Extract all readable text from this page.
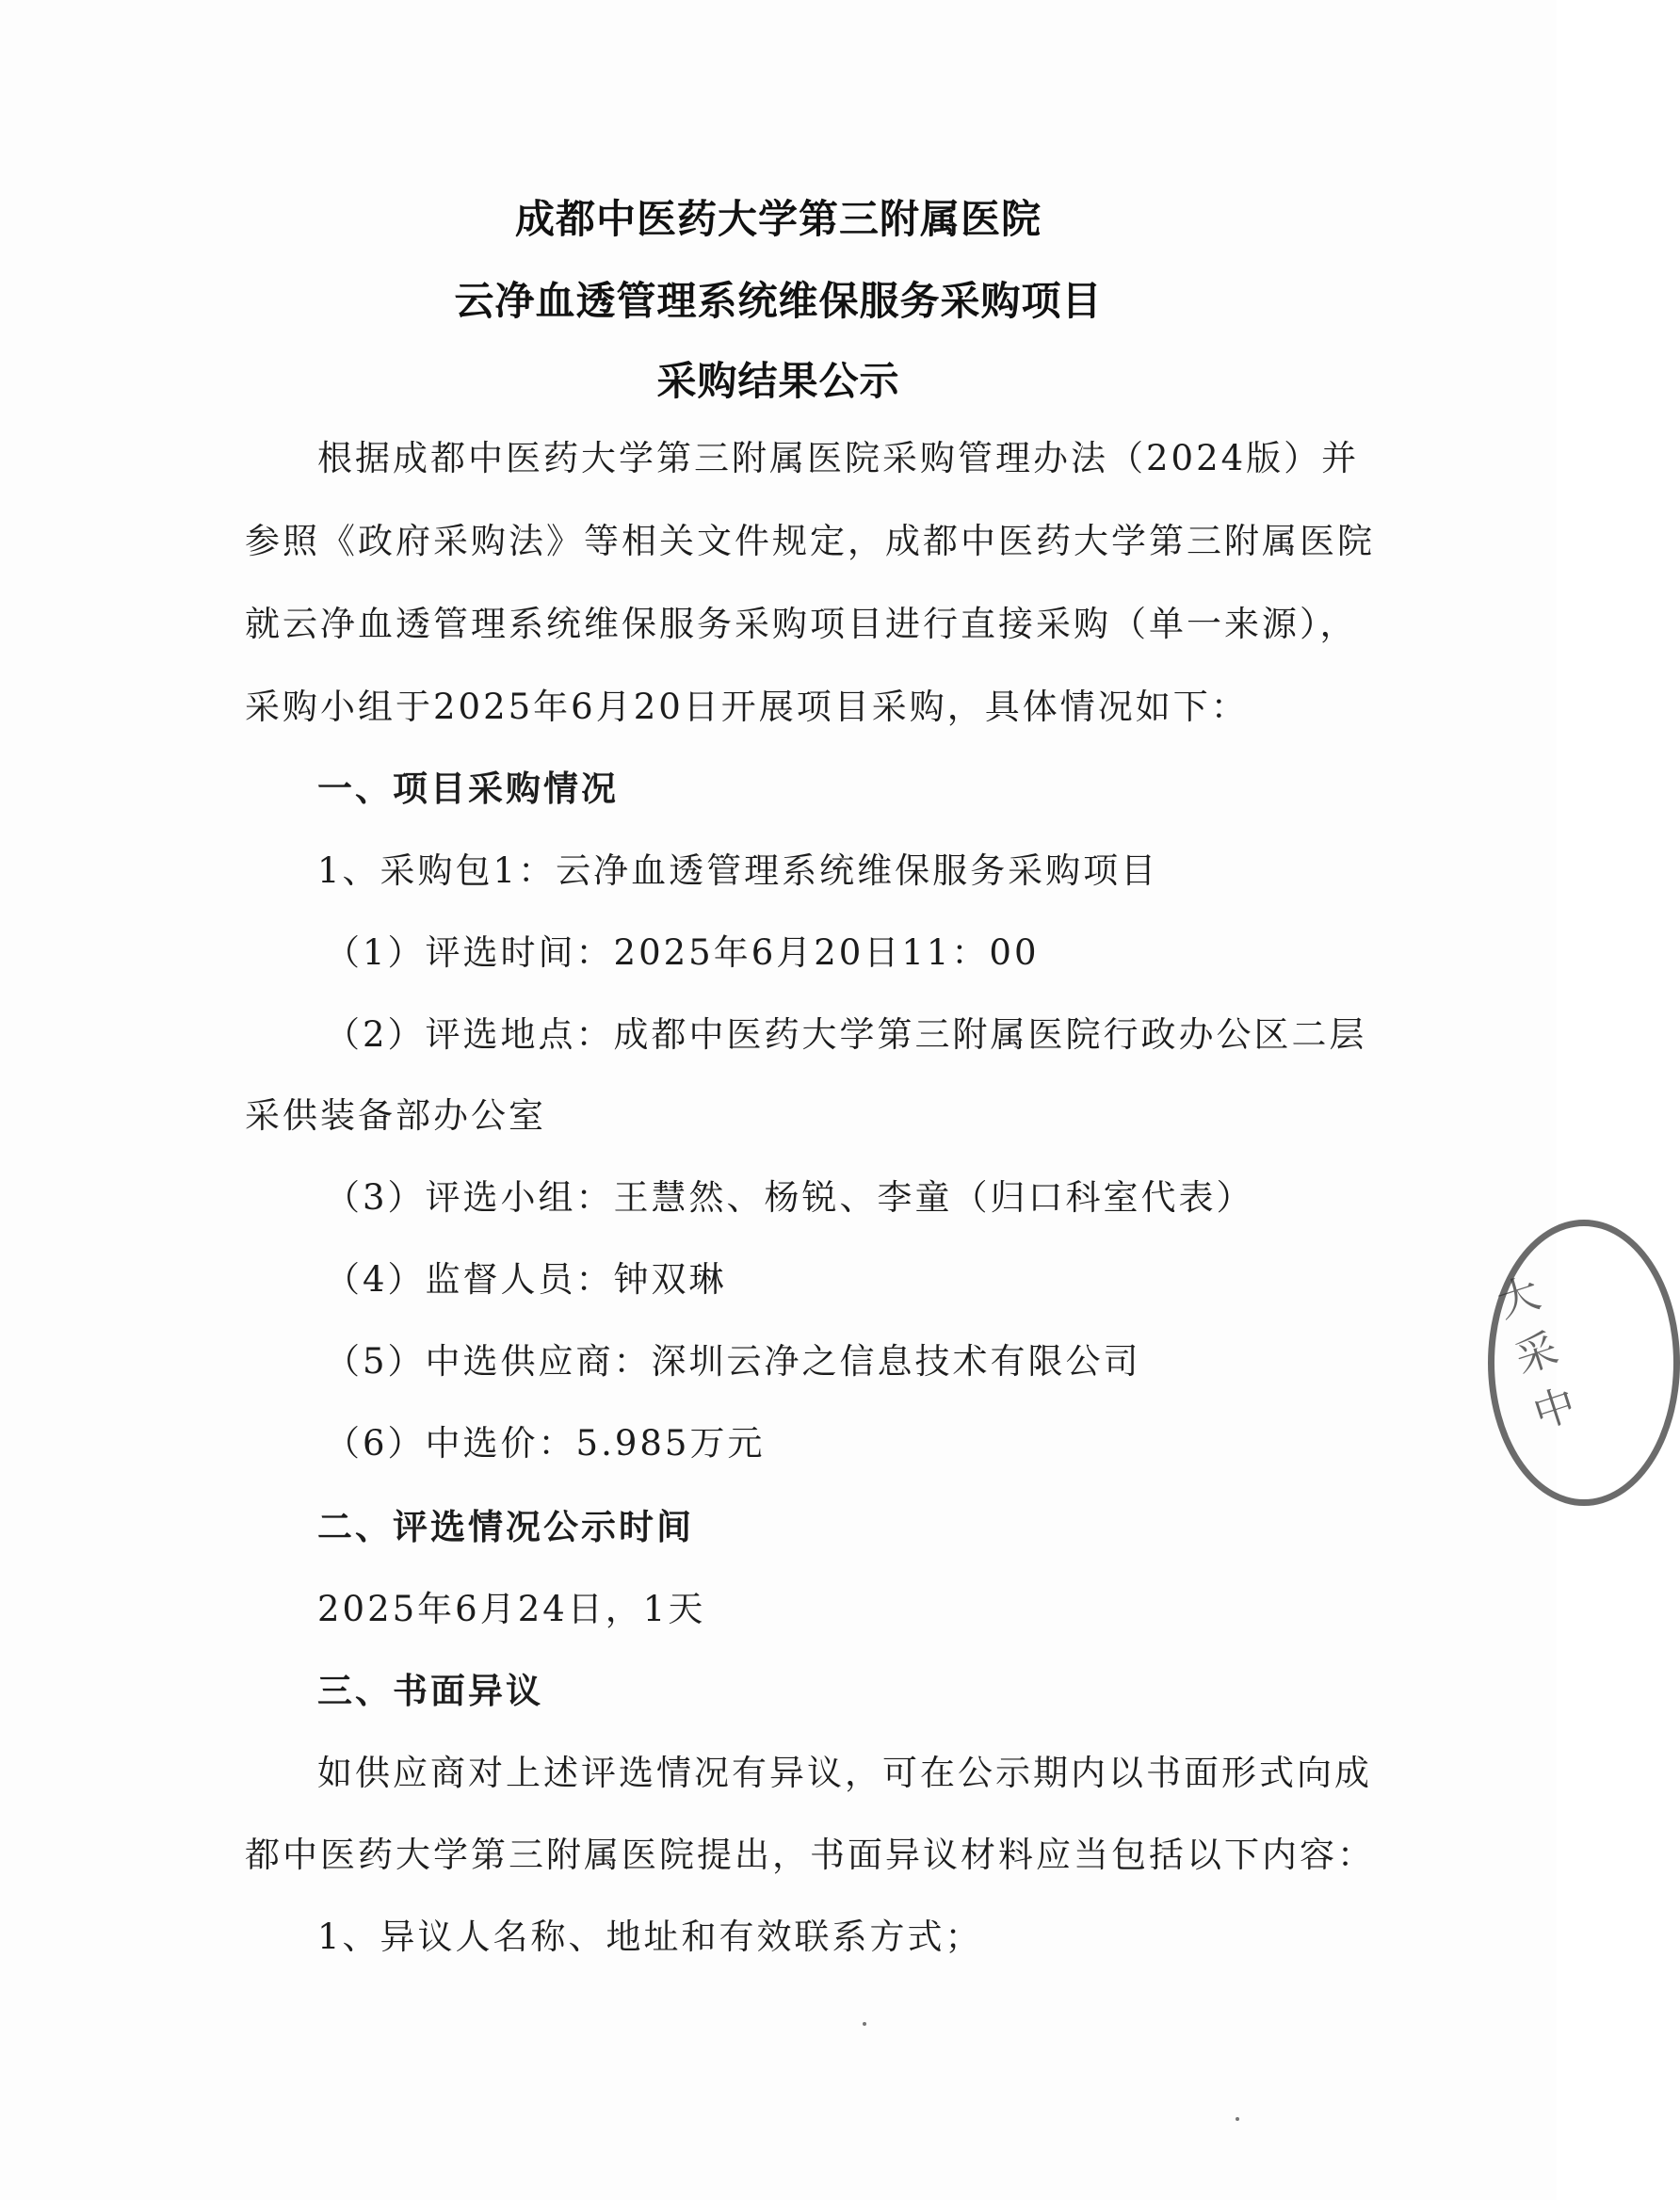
成都中医药大学第三附属医院
云净血透管理系统维保服务采购项目
采购结果公示
根据成都中医药大学第三附属医院采购管理办法（2024版）并
参照《政府采购法》等相关文件规定，成都中医药大学第三附属医院
就云净血透管理系统维保服务采购项目进行直接采购（单一来源），
采购小组于2025年6月20日开展项目采购，具体情况如下：
一、项目采购情况
1、采购包1：云净血透管理系统维保服务采购项目
（1）评选时间：2025年6月20日11：00
（2）评选地点：成都中医药大学第三附属医院行政办公区二层
采供装备部办公室
（3）评选小组：王慧然、杨锐、李童（归口科室代表）
（4）监督人员：钟双琳
（5）中选供应商：深圳云净之信息技术有限公司
（6）中选价：5.985万元
二、评选情况公示时间
2025年6月24日，1天
三、书面异议
如供应商对上述评选情况有异议，可在公示期内以书面形式向成
都中医药大学第三附属医院提出，书面异议材料应当包括以下内容：
1、异议人名称、地址和有效联系方式；
大采中
